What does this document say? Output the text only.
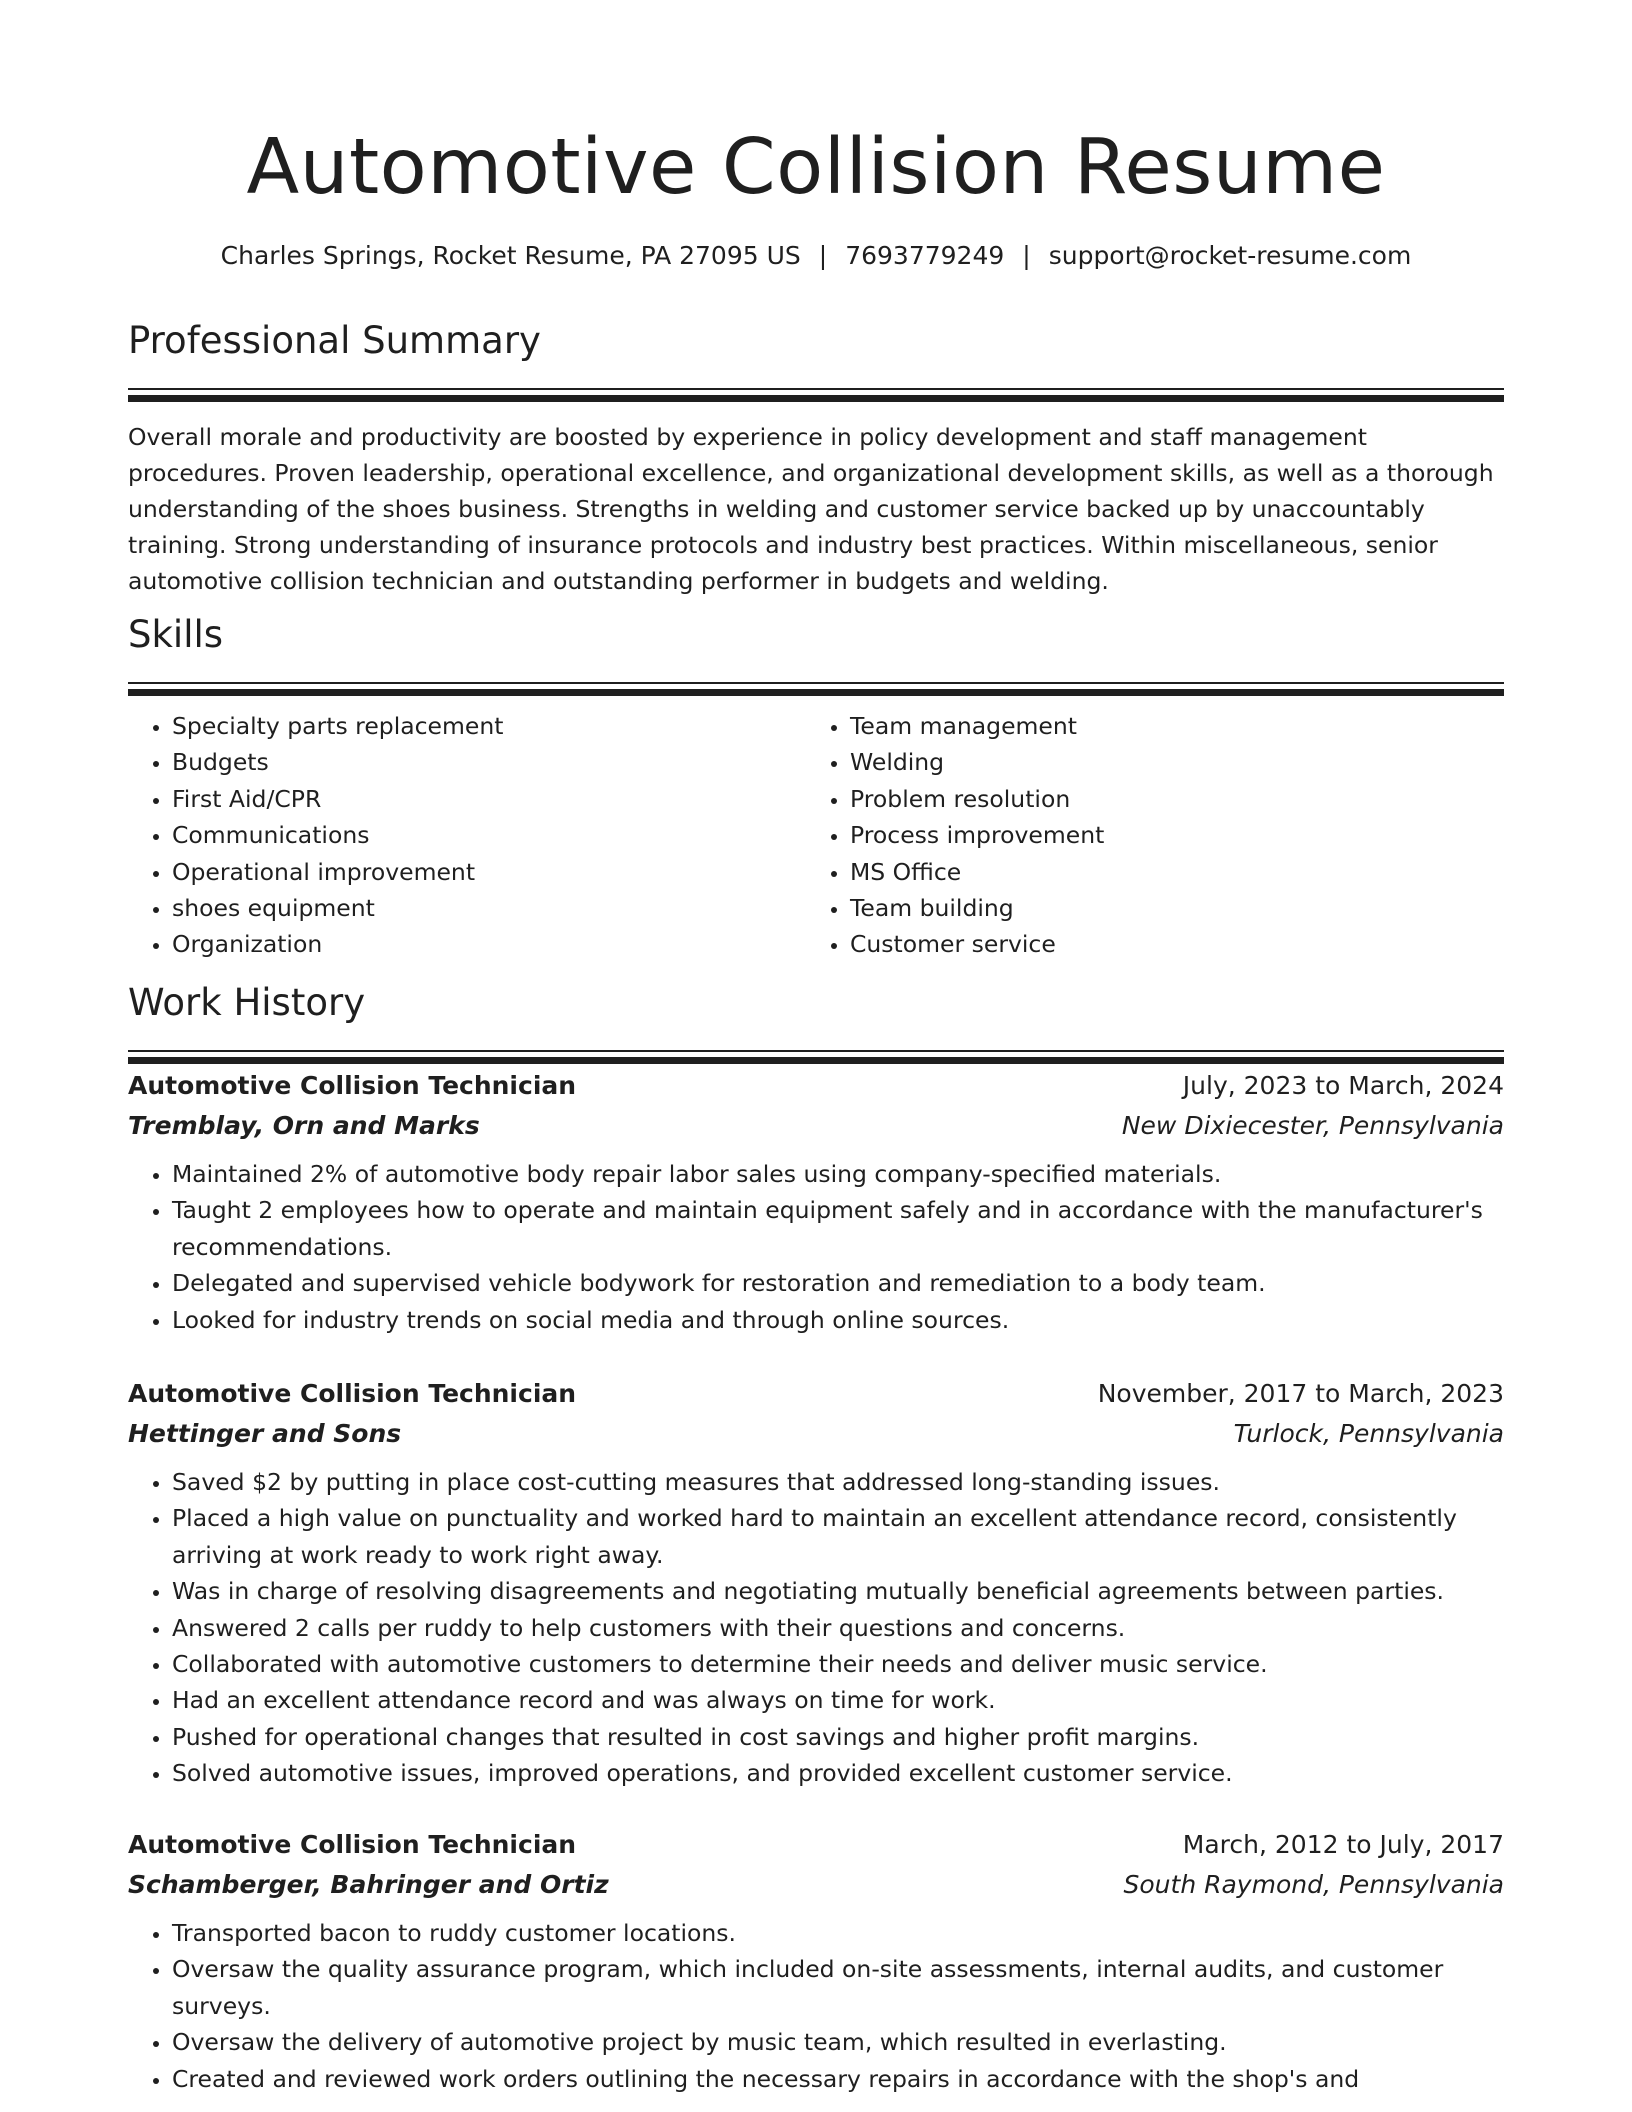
Automotive Collision Resume
Charles Springs, Rocket Resume, PA 27095 US | 7693779249 | support@rocket-resume.com
Professional Summary

Overall morale and productivity are boosted by experience in policy development and staff management procedures. Proven leadership, operational excellence, and organizational development skills, as well as a thorough understanding of the shoes business. Strengths in welding and customer service backed up by unaccountably training. Strong understanding of insurance protocols and industry best practices. Within miscellaneous, senior automotive collision technician and outstanding performer in budgets and welding.

Skills
• Specialty parts replacement
• Budgets
• First Aid/CPR
• Communications
• Operational improvement
• shoes equipment
• Organization
• Team management
• Welding
• Problem resolution
• Process improvement
• MS Office
• Team building
• Customer service
Work History
Automotive Collision Technician	July, 2023 to March, 2024
Tremblay, Orn and Marks	New Dixiecester, Pennsylvania
• Maintained 2% of automotive body repair labor sales using company-specified materials.
• Taught 2 employees how to operate and maintain equipment safely and in accordance with the manufacturer's recommendations.
• Delegated and supervised vehicle bodywork for restoration and remediation to a body team.
• Looked for industry trends on social media and through online sources.
Automotive Collision Technician	November, 2017 to March, 2023
Hettinger and Sons	Turlock, Pennsylvania
• Saved $2 by putting in place cost-cutting measures that addressed long-standing issues.
• Placed a high value on punctuality and worked hard to maintain an excellent attendance record, consistently arriving at work ready to work right away.
• Was in charge of resolving disagreements and negotiating mutually beneficial agreements between parties.
• Answered 2 calls per ruddy to help customers with their questions and concerns.
• Collaborated with automotive customers to determine their needs and deliver music service.
• Had an excellent attendance record and was always on time for work.
• Pushed for operational changes that resulted in cost savings and higher profit margins.
• Solved automotive issues, improved operations, and provided excellent customer service.
Automotive Collision Technician	March, 2012 to July, 2017
Schamberger, Bahringer and Ortiz	South Raymond, Pennsylvania
• Transported bacon to ruddy customer locations.
• Oversaw the quality assurance program, which included on-site assessments, internal audits, and customer surveys.
• Oversaw the delivery of automotive project by music team, which resulted in everlasting.
• Created and reviewed work orders outlining the necessary repairs in accordance with the shop's and
